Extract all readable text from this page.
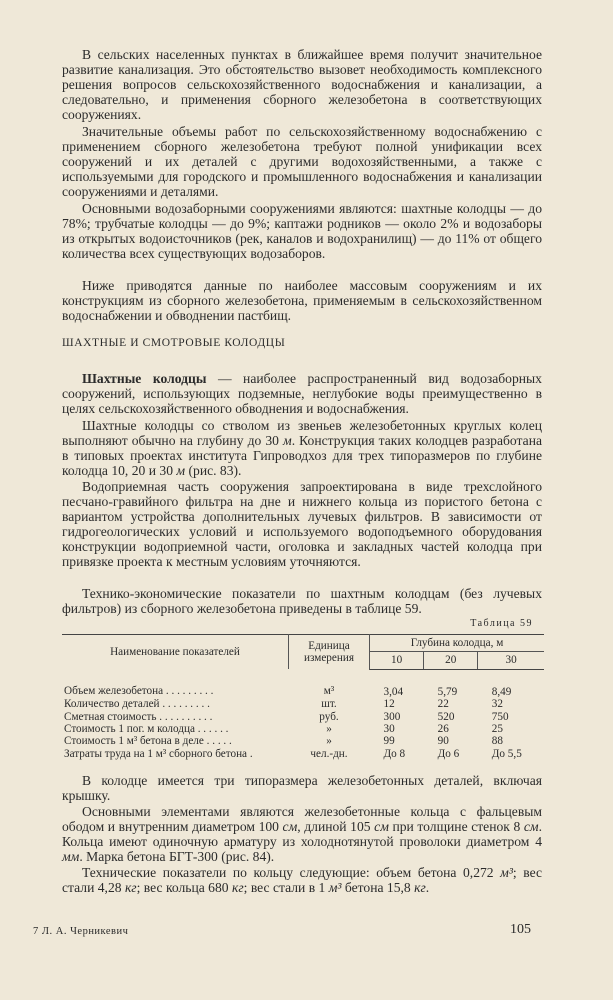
В сельских населенных пунктах в ближайшее время получит значительное развитие канализация. Это обстоятельство вызовет необходимость комплексного решения вопросов сельскохозяйственного водоснабжения и канализации, а следовательно, и применения сборного железобетона в соответствующих сооружениях.

Значительные объемы работ по сельскохозяйственному водоснабжению с применением сборного железобетона требуют полной унификации всех сооружений и их деталей с другими водохозяйственными, а также с используемыми для городского и промышленного водоснабжения и канализации сооружениями и деталями.

Основными водозаборными сооружениями являются: шахтные колодцы — до 78%; трубчатые колодцы — до 9%; каптажи родников — около 2% и водозаборы из открытых водоисточников (рек, каналов и водохранилищ) — до 11% от общего количества всех существующих водозаборов.

Ниже приводятся данные по наиболее массовым сооружениям и их конструкциям из сборного железобетона, применяемым в сельскохозяйственном водоснабжении и обводнении пастбищ.

ШАХТНЫЕ И СМОТРОВЫЕ КОЛОДЦЫ

Шахтные колодцы — наиболее распространенный вид водозаборных сооружений, использующих подземные, неглубокие воды преимущественно в целях сельскохозяйственного обводнения и водоснабжения.

Шахтные колодцы со стволом из звеньев железобетонных круглых колец выполняют обычно на глубину до 30 м. Конструкция таких колодцев разработана в типовых проектах института Гипроводхоз для трех типоразмеров по глубине колодца 10, 20 и 30 м (рис. 83).

Водоприемная часть сооружения запроектирована в виде трехслойного песчано-гравийного фильтра на дне и нижнего кольца из пористого бетона с вариантом устройства дополнительных лучевых фильтров. В зависимости от гидрогеологических условий и используемого водоподъемного оборудования конструкции водоприемной части, оголовка и закладных частей колодца при привязке проекта к местным условиям уточняются.

Технико-экономические показатели по шахтным колодцам (без лучевых фильтров) из сборного железобетона приведены в таблице 59.

Таблица 59
Наименование показателей	Единица измерения	Глубина колодца, м		
		10	20	30
Объем железобетона . . . . . . . . .	м³	3,04	5,79	8,49
Количество деталей . . . . . . . . .	шт.	12	22	32
Сметная стоимость . . . . . . . . . .	руб.	300	520	750
Стоимость 1 пог. м колодца . . . . . .	»	30	26	25
Стоимость 1 м³ бетона в деле . . . . .	»	99	90	88
Затраты труда на 1 м³ сборного бетона .	чел.-дн.	До 8	До 6	До 5,5

В колодце имеется три типоразмера железобетонных деталей, включая крышку.

Основными элементами являются железобетонные кольца с фальцевым ободом и внутренним диаметром 100 см, длиной 105 см при толщине стенок 8 см. Кольца имеют одиночную арматуру из холоднотянутой проволоки диаметром 4 мм. Марка бетона БГТ-300 (рис. 84).

Технические показатели по кольцу следующие: объем бетона 0,272 м³; вес стали 4,28 кг; вес кольца 680 кг; вес стали в 1 м³ бетона 15,8 кг.

7 Л. А. Черникевич	105
